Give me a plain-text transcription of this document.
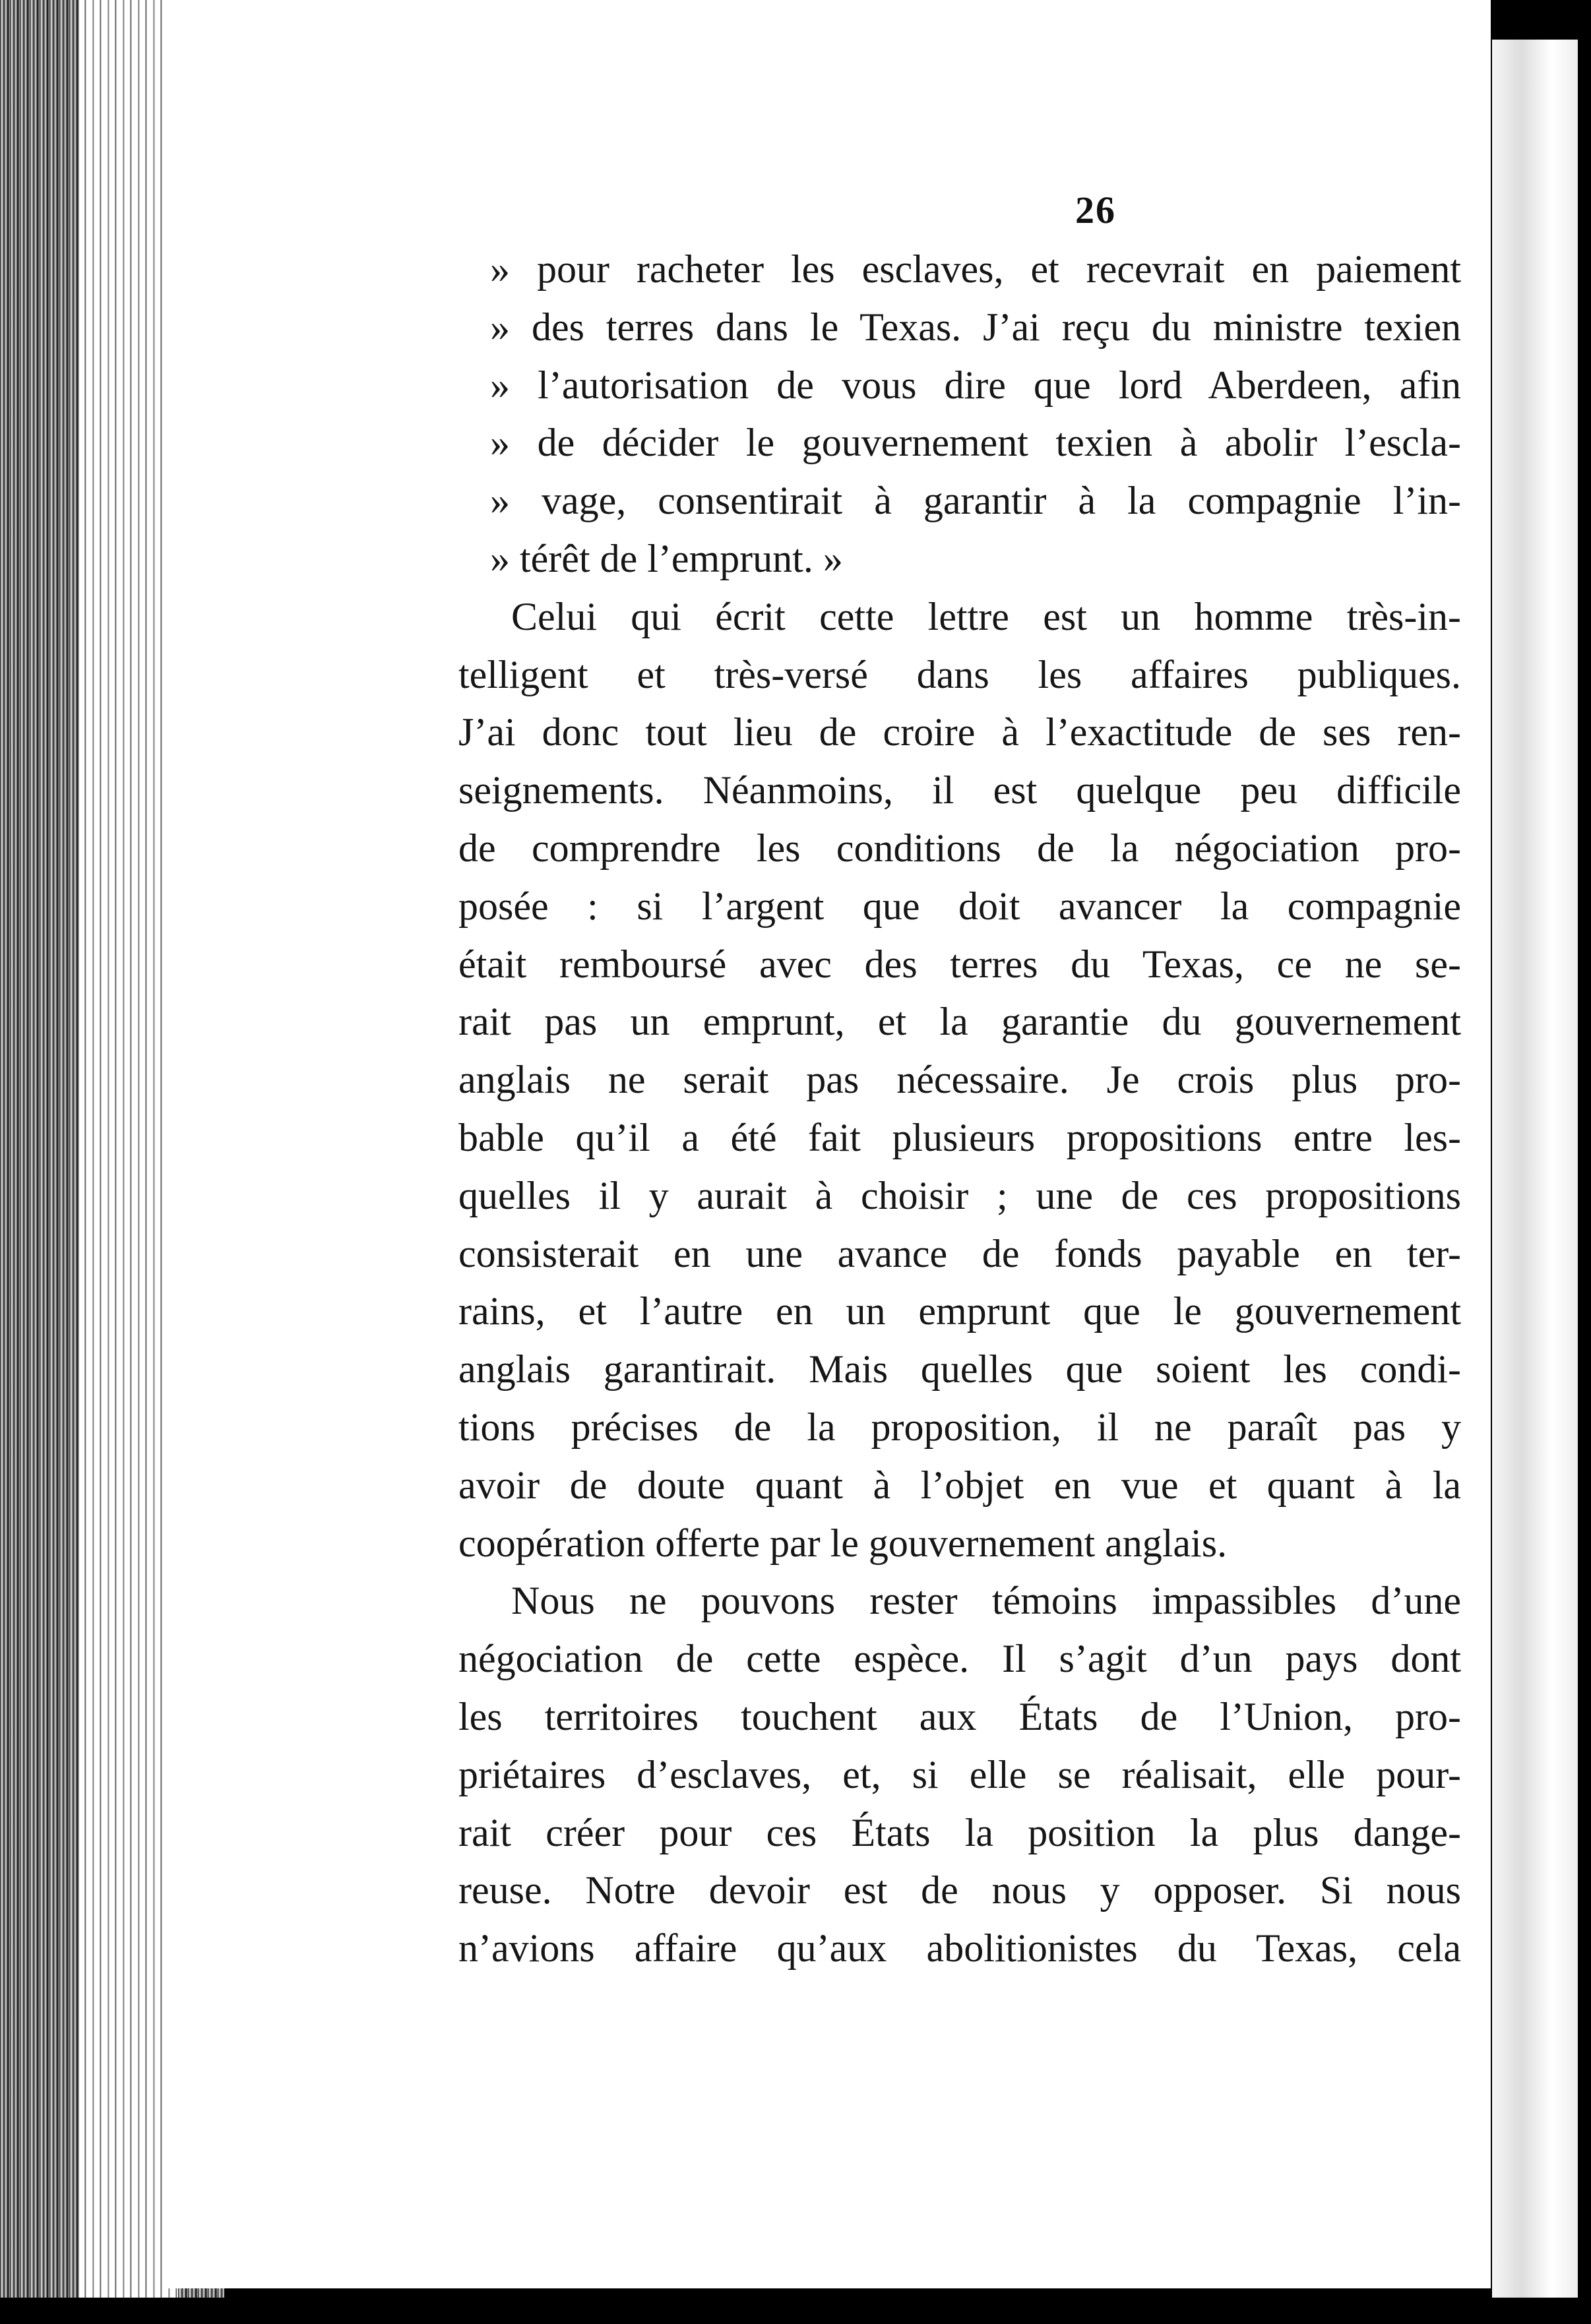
26
» pour racheter les esclaves, et recevrait en paiement
» des terres dans le Texas. J’ai reçu du ministre texien
» l’autorisation de vous dire que lord Aberdeen, afin
» de décider le gouvernement texien à abolir l’escla-
» vage, consentirait à garantir à la compagnie l’in-
» térêt de l’emprunt. »
Celui qui écrit cette lettre est un homme très-in-
telligent et très-versé dans les affaires publiques.
J’ai donc tout lieu de croire à l’exactitude de ses ren-
seignements. Néanmoins, il est quelque peu difficile
de comprendre les conditions de la négociation pro-
posée : si l’argent que doit avancer la compagnie
était remboursé avec des terres du Texas, ce ne se-
rait pas un emprunt, et la garantie du gouvernement
anglais ne serait pas nécessaire. Je crois plus pro-
bable qu’il a été fait plusieurs propositions entre les-
quelles il y aurait à choisir ; une de ces propositions
consisterait en une avance de fonds payable en ter-
rains, et l’autre en un emprunt que le gouvernement
anglais garantirait. Mais quelles que soient les condi-
tions précises de la proposition, il ne paraît pas y
avoir de doute quant à l’objet en vue et quant à la
coopération offerte par le gouvernement anglais.
Nous ne pouvons rester témoins impassibles d’une
négociation de cette espèce. Il s’agit d’un pays dont
les territoires touchent aux États de l’Union, pro-
priétaires d’esclaves, et, si elle se réalisait, elle pour-
rait créer pour ces États la position la plus dange-
reuse. Notre devoir est de nous y opposer. Si nous
n’avions affaire qu’aux abolitionistes du Texas, cela
